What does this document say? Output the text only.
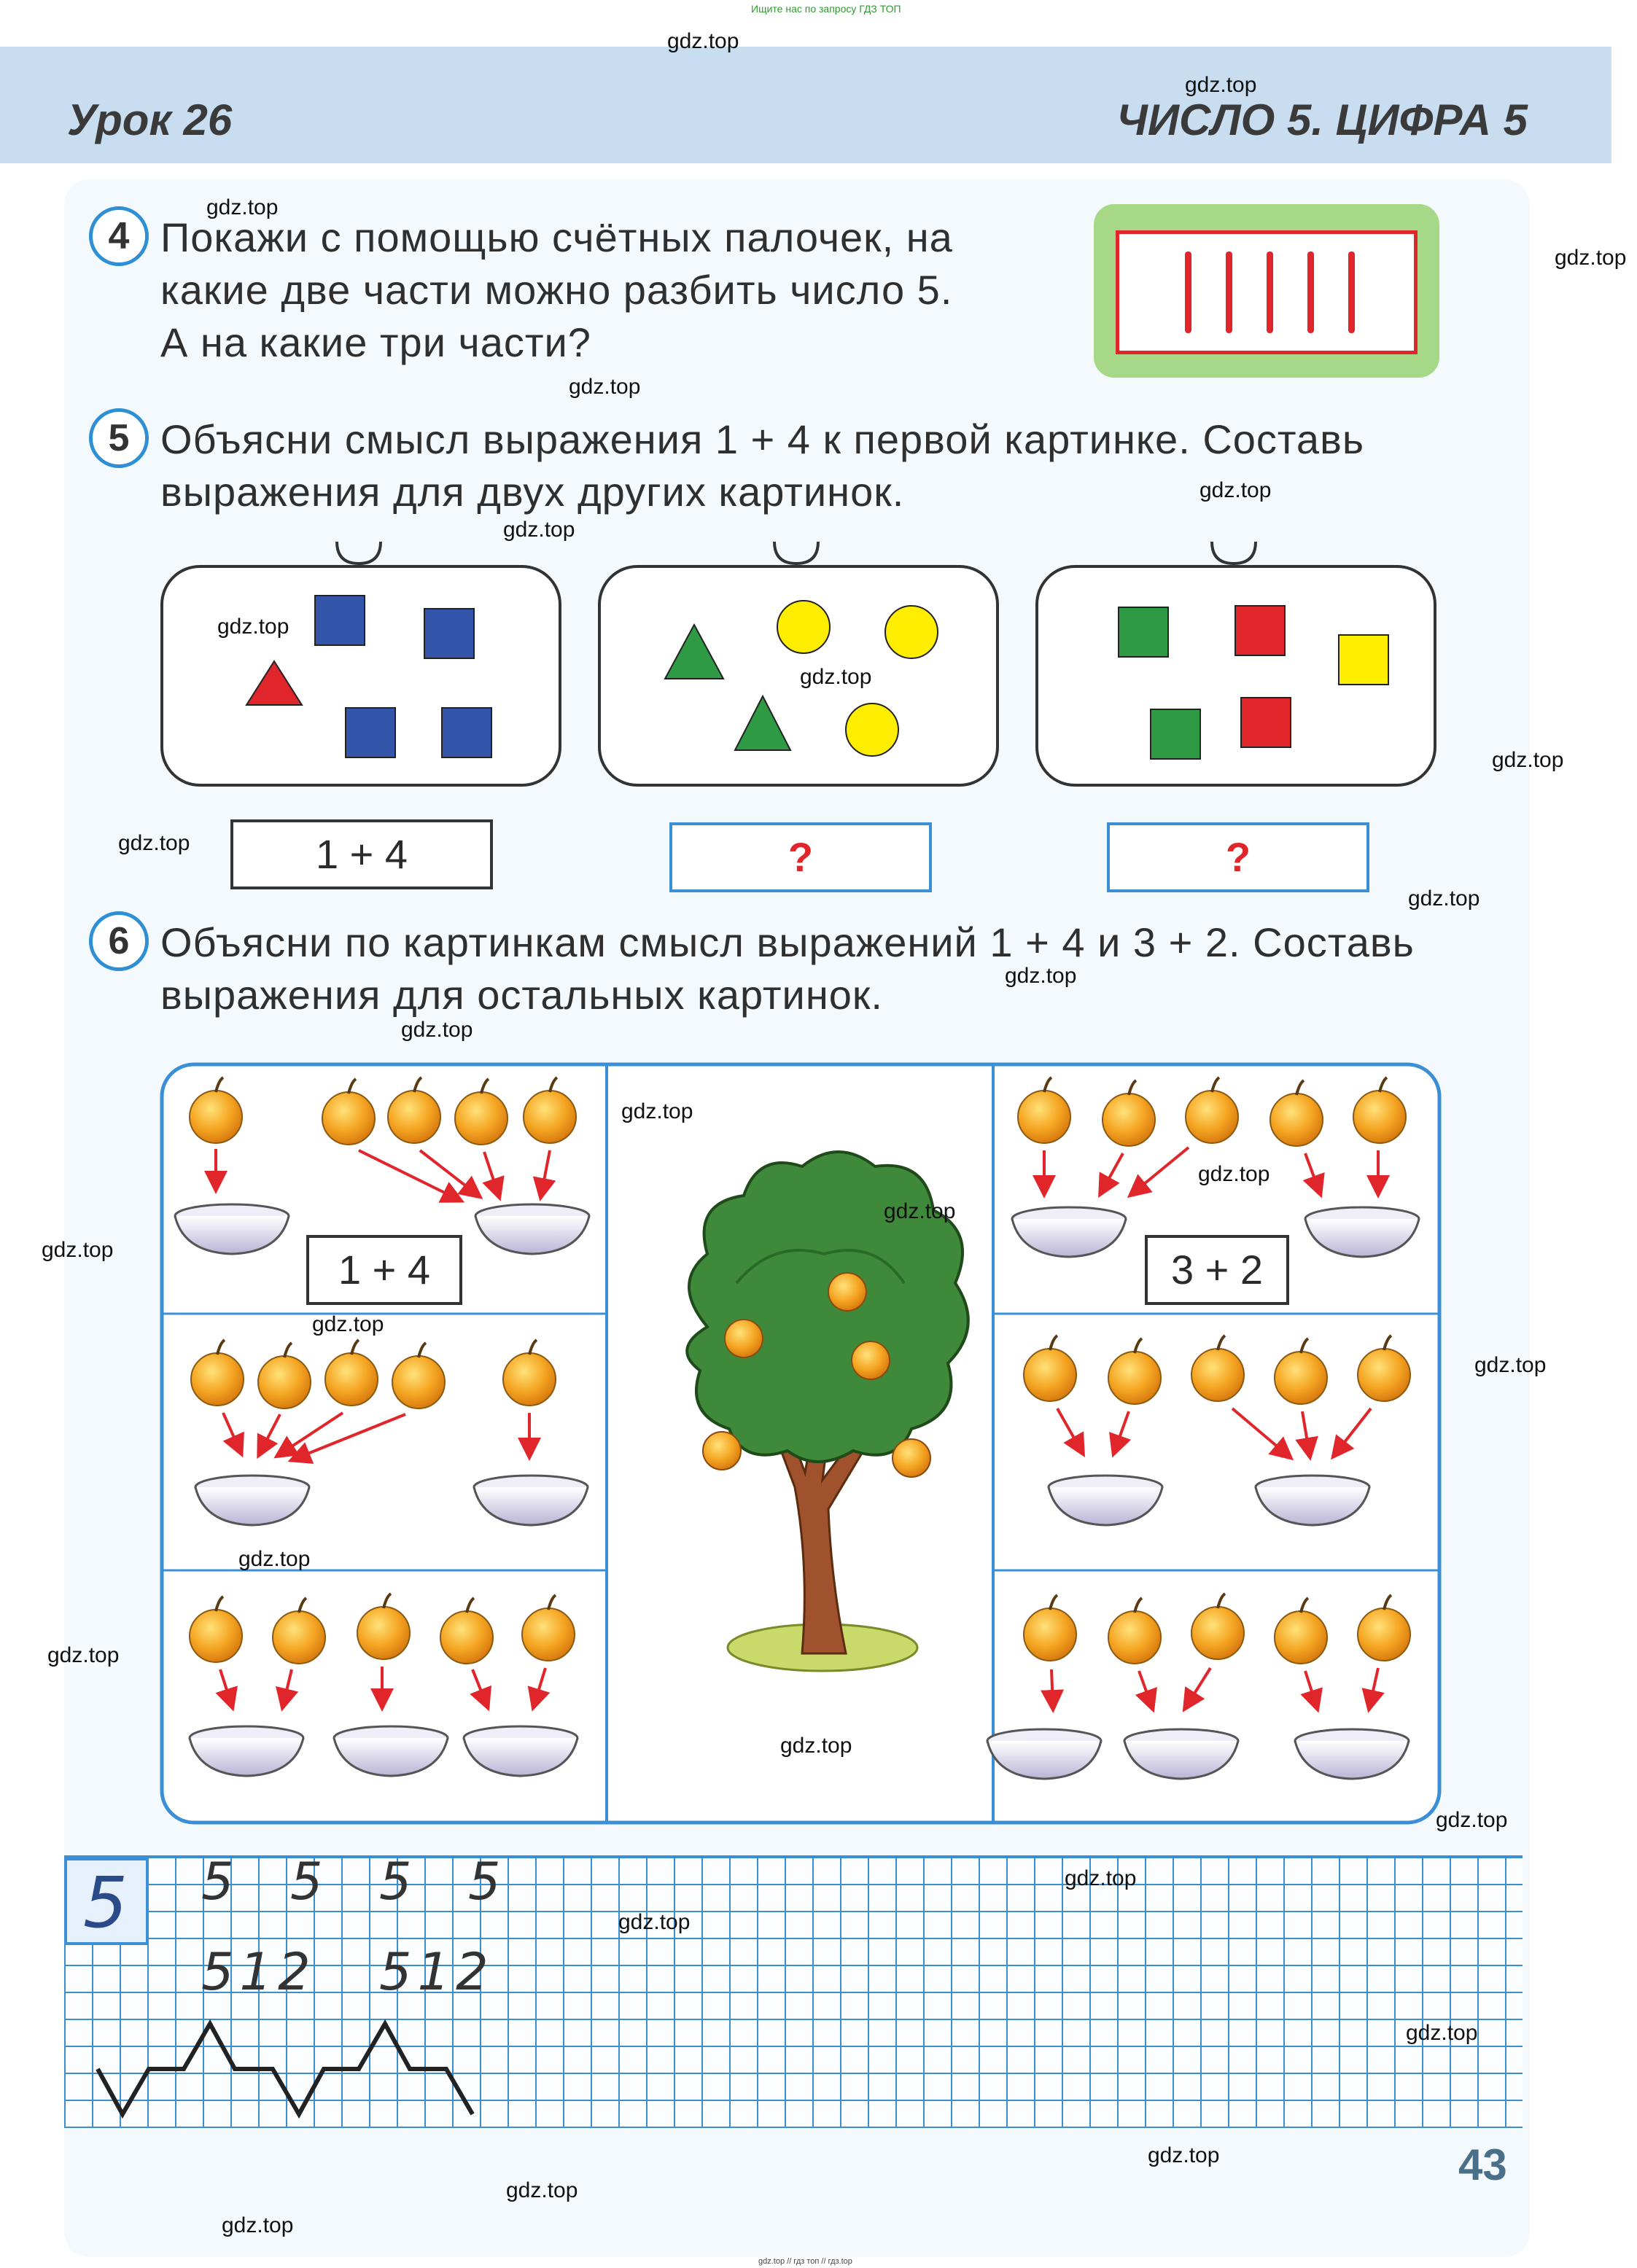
Ищите нас по запросу ГДЗ ТОП
Урок 26	ЧИСЛО 5. ЦИФРА 5
4 Покажи с помощью счётных палочек, на
какие две части можно разбить число 5.
А на какие три части?
5 Объясни смысл выражения 1 + 4 к первой картинке. Составь
выражения для двух других картинок.
1 + 4	?	?
6 Объясни по картинкам смысл выражений 1 + 4 и 3 + 2. Составь
выражения для остальных картинок.
1 + 4	3 + 2
5 5 5 5 5
512 512
43
gdz.top
gdz.top
gdz.top
gdz.top
gdz.top
gdz.top
gdz.top
gdz.top
gdz.top
gdz.top
gdz.top
gdz.top
gdz.top
gdz.top
gdz.top
gdz.top
gdz.top
gdz.top
gdz.top
gdz.top
gdz.top
gdz.top
gdz.top
gdz.top
gdz.top
gdz.top
gdz.top
gdz.top
gdz.top
gdz.top
gdz.top // гдз топ // гдз.top
